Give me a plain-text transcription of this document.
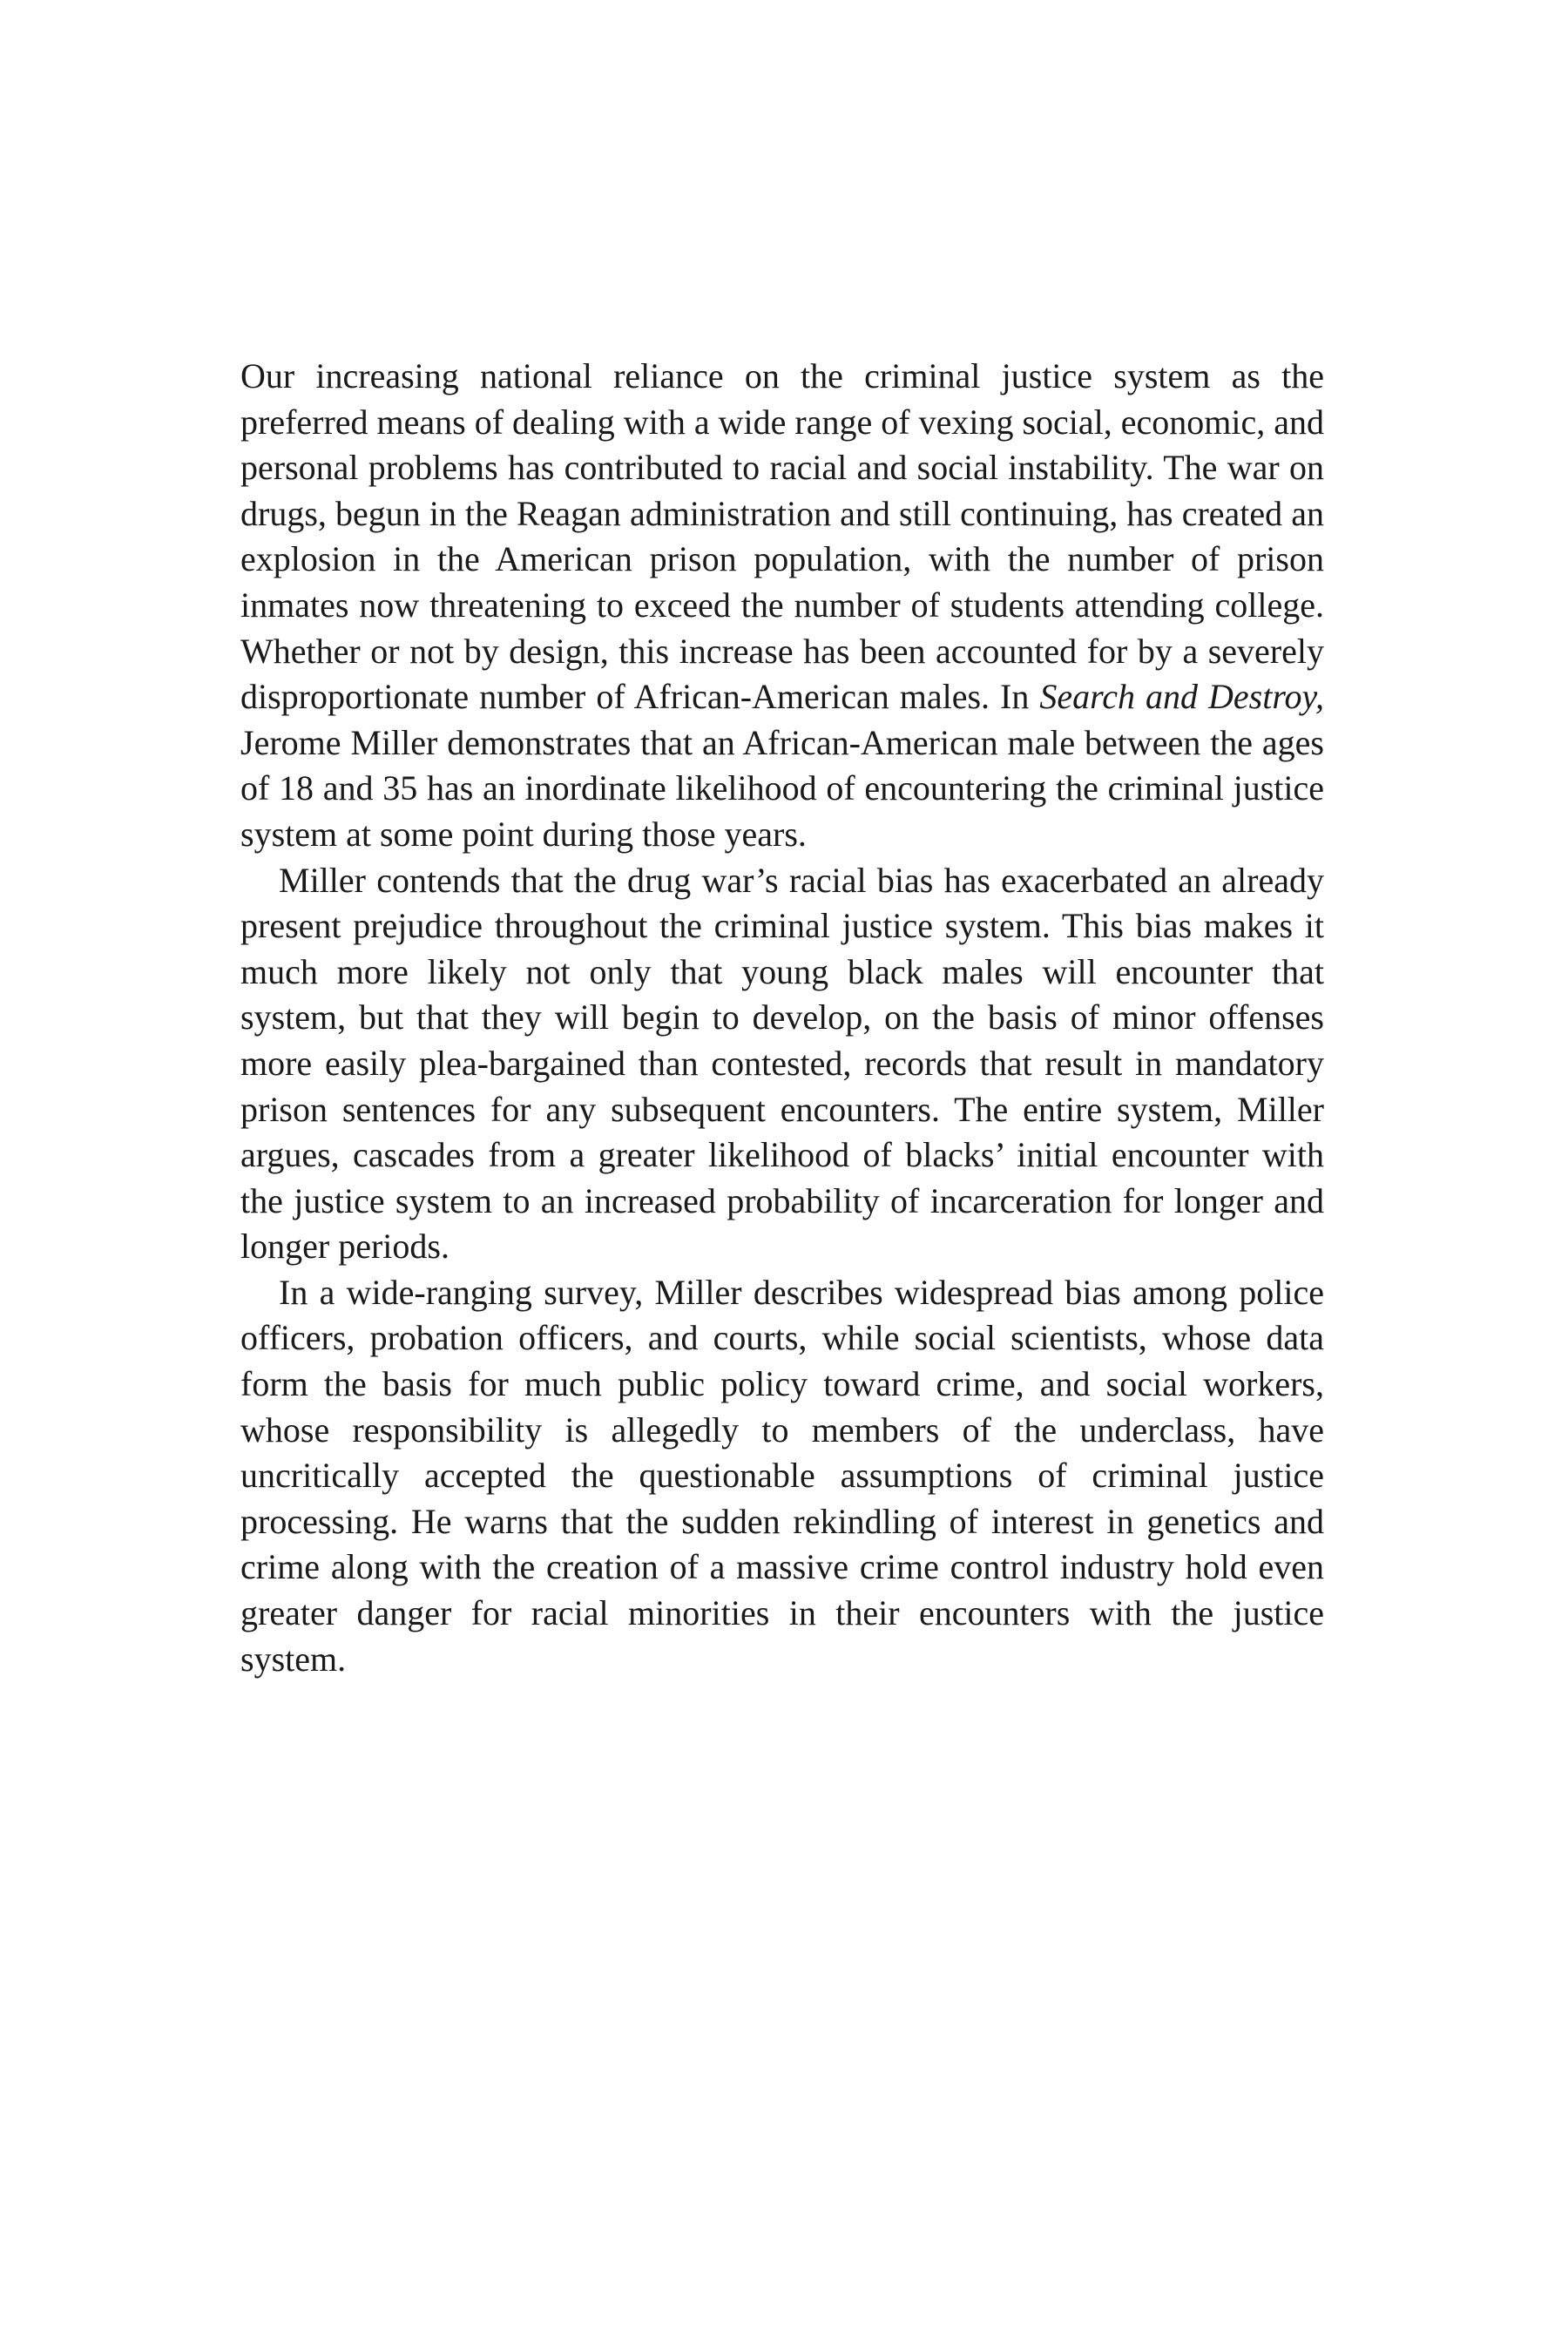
Our increasing national reliance on the criminal justice system as the preferred means of dealing with a wide range of vexing social, economic, and personal problems has contributed to racial and social instability. The war on drugs, begun in the Reagan administration and still continuing, has created an explosion in the American prison population, with the number of prison inmates now threatening to exceed the number of students attending college. Whether or not by design, this increase has been accounted for by a severely disproportionate number of African-American males. In Search and Destroy, Jerome Miller demonstrates that an African-American male between the ages of 18 and 35 has an inordinate likelihood of encountering the criminal justice system at some point during those years.

Miller contends that the drug war’s racial bias has exacerbated an already present prejudice throughout the criminal justice system. This bias makes it much more likely not only that young black males will encounter that system, but that they will begin to develop, on the basis of minor offenses more easily plea-bargained than contested, records that result in mandatory prison sentences for any subsequent encounters. The entire system, Miller argues, cascades from a greater likelihood of blacks’ initial encounter with the justice system to an increased probability of incarceration for longer and longer periods.

In a wide-ranging survey, Miller describes widespread bias among police officers, probation officers, and courts, while social scientists, whose data form the basis for much public policy toward crime, and social workers, whose responsibility is allegedly to members of the underclass, have uncritically accepted the questionable assumptions of criminal justice processing. He warns that the sudden rekindling of interest in genetics and crime along with the creation of a massive crime control industry hold even greater danger for racial minorities in their encounters with the justice system.
